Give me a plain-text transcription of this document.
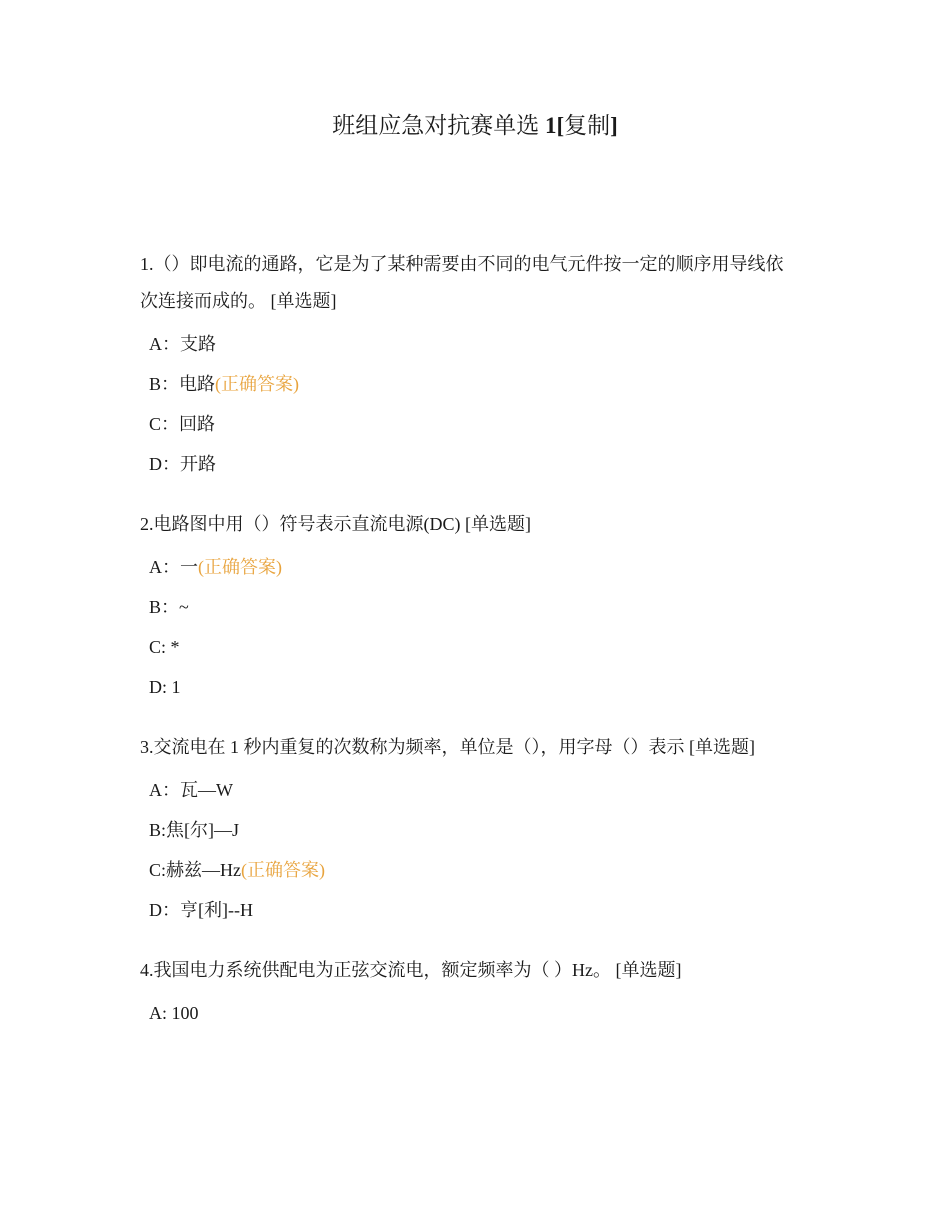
班组应急对抗赛单选 1[复制]
1.（）即电流的通路，它是为了某种需要由不同的电气元件按一定的顺序用导线依
次连接而成的。 [单选题]
A：支路
B：电路(正确答案)
C：回路
D：开路
2.电路图中用（）符号表示直流电源(DC) [单选题]
A：一(正确答案)
B：~
C: *
D: 1
3.交流电在 1 秒内重复的次数称为频率，单位是（），用字母（）表示 [单选题]
A：瓦—W
B:焦[尔]—J
C:赫兹—Hz(正确答案)
D：亨[利]--H
4.我国电力系统供配电为正弦交流电，额定频率为（ ）Hz。 [单选题]
A: 100
